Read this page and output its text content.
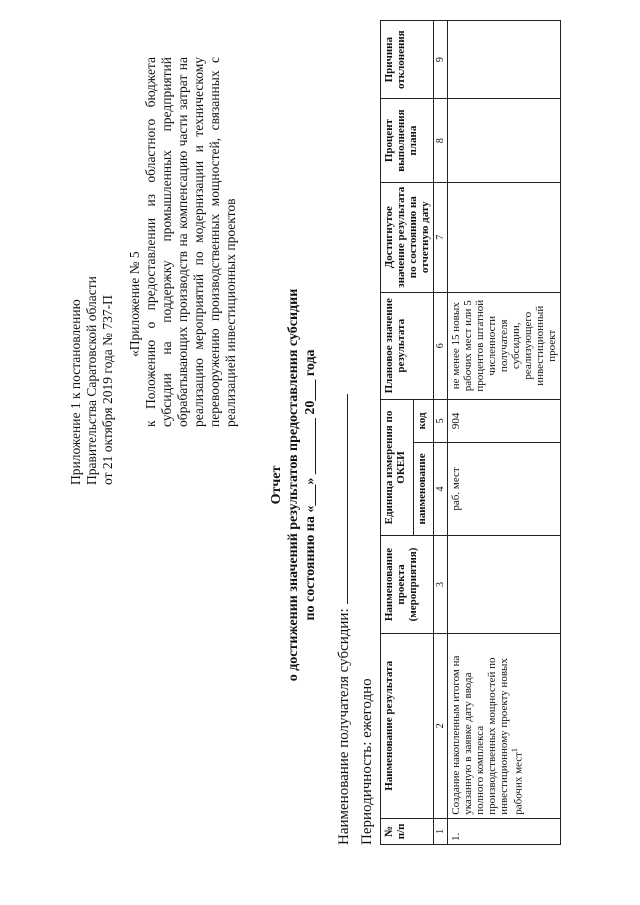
Приложение 1 к постановлению Правительства Саратовской области от 21 октября 2019 года № 737-П «Приложение № 5 к Положению о предоставлении из областного бюджета субсидии на поддержку промышленных предприятий обрабатывающих производств на компенсацию части затрат на реализацию мероприятий по модернизации и техническому перевооружению производственных мощностей, связанных с реализацией инвестиционных проектов
Отчет о достижении значений результатов предоставления субсидии по состоянию на «___» ________ 20___ года
Наименование получателя субсидии: Периодичность: ежегодно № п/п	Наименование результата	Наименование проекта (мероприятия)	Единица измерения по ОКЕИ		Плановое значение результата	Достигнутое значение результата по состоянию на отчетную дату	Процент выполнения плана	Причина отклонения
			наименование	код				
1	2	3	4	5	6	7	8	9
1.	Создание накопленным итогом на указанную в заявке дату ввода полного комплекса производственных мощностей по инвестиционному проекту новых рабочих мест$^1$		раб. мест	904	не менее 15 новых рабочих мест или 5 процентов штатной численности получателя субсидии, реализующего инвестиционный проект			
